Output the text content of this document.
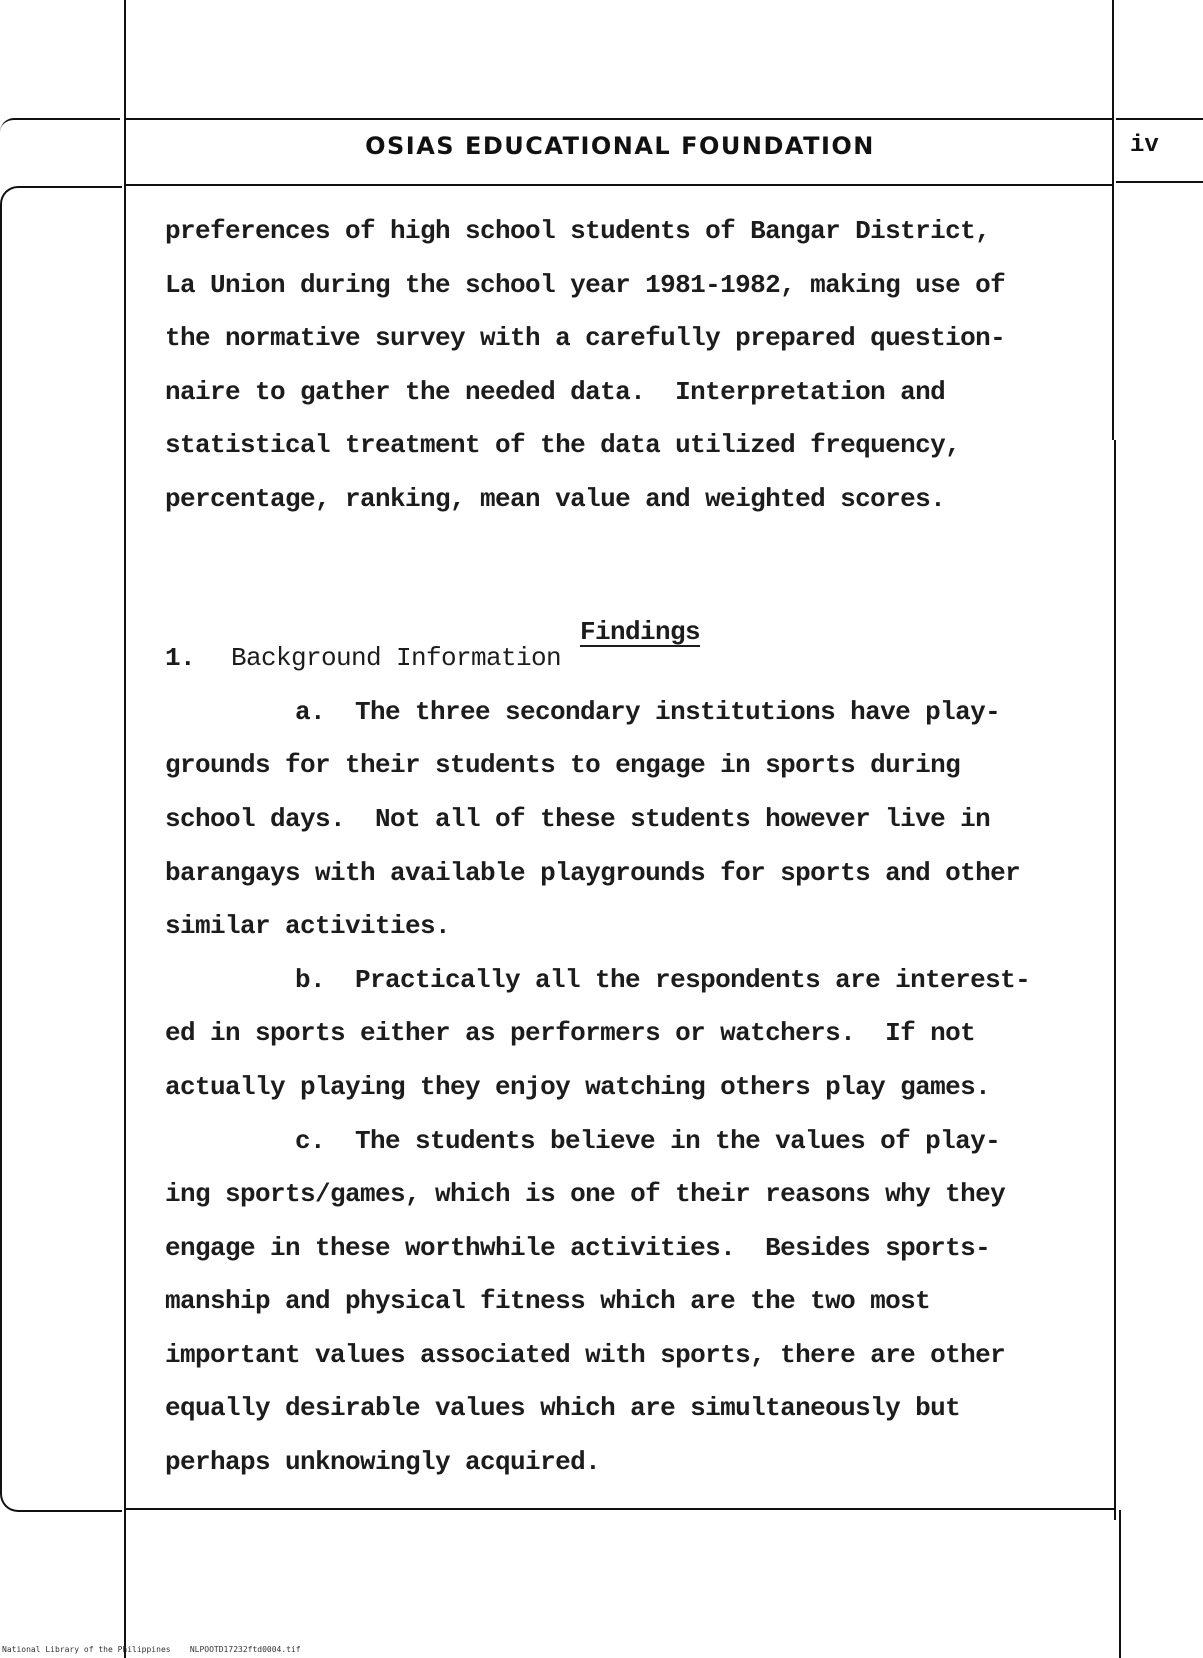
OSIAS EDUCATIONAL FOUNDATION	iv
preferences of high school students of Bangar District,
La Union during the school year 1981-1982, making use of
the normative survey with a carefully prepared question-
naire to gather the needed data.  Interpretation and
statistical treatment of the data utilized frequency,
percentage, ranking, mean value and weighted scores.

Findings

1. Background Information
a.  The three secondary institutions have play-
grounds for their students to engage in sports during
school days.  Not all of these students however live in
barangays with available playgrounds for sports and other
similar activities.
b.  Practically all the respondents are interest-
ed in sports either as performers or watchers.  If not
actually playing they enjoy watching others play games.
c.  The students believe in the values of play-
ing sports/games, which is one of their reasons why they
engage in these worthwhile activities.  Besides sports-
manship and physical fitness which are the two most
important values associated with sports, there are other
equally desirable values which are simultaneously but
perhaps unknowingly acquired.
National Library of the Philippines    NLPOOTD17232ftd0004.tif
